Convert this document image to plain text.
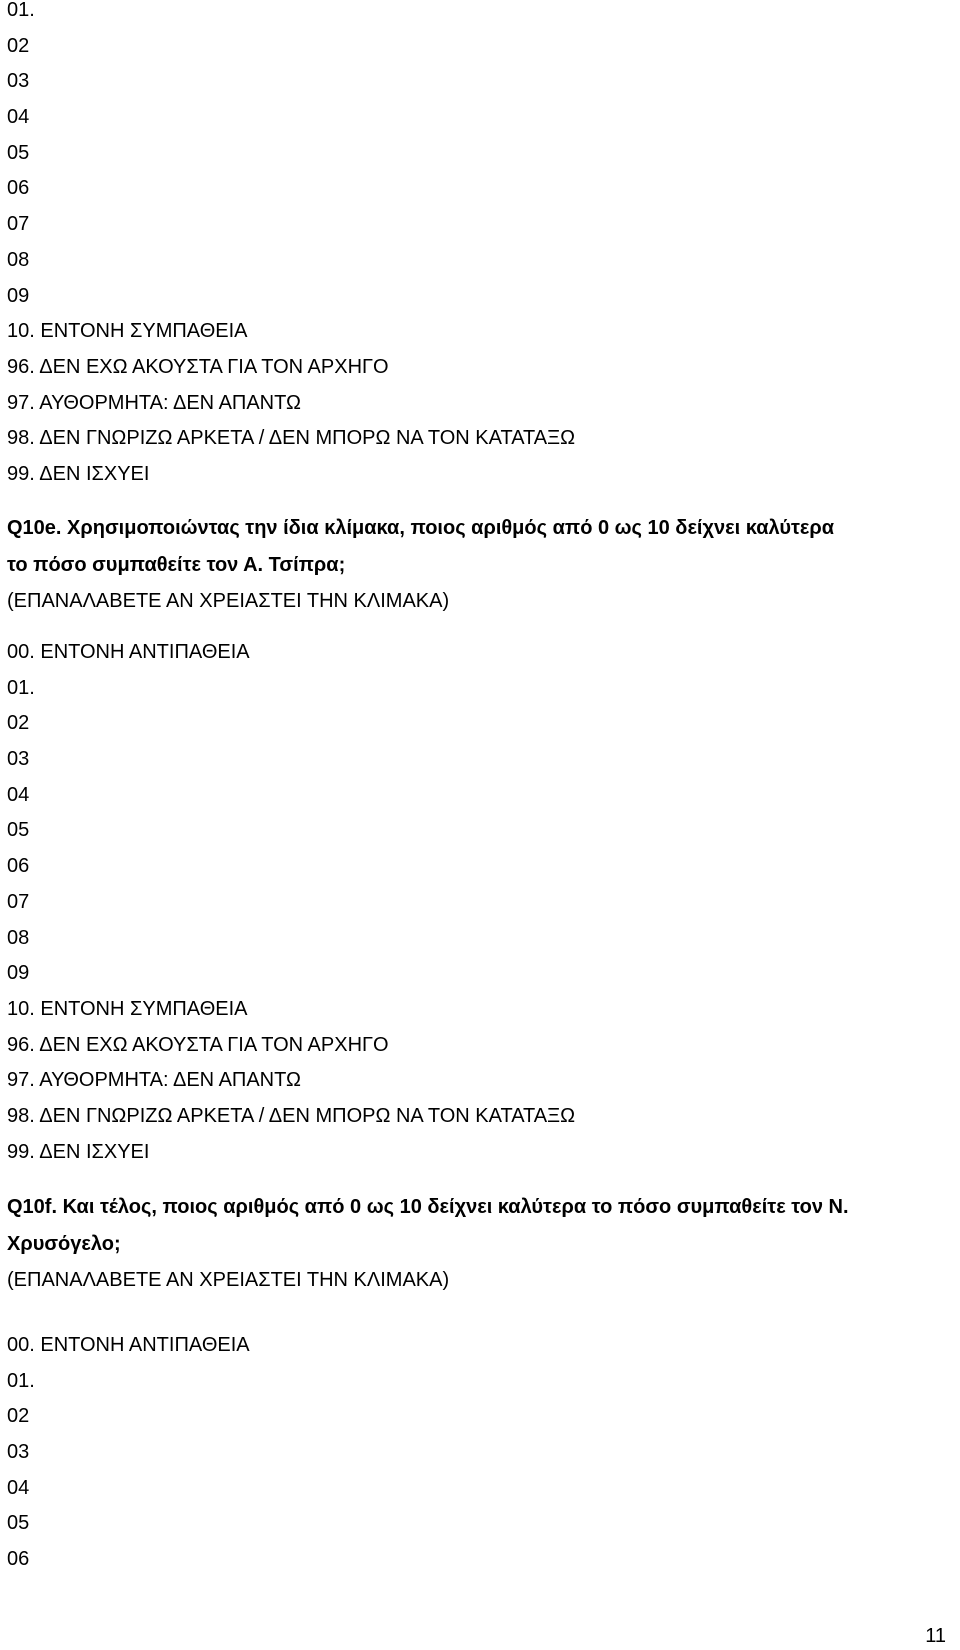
01.
02
03
04
05
06
07
08
09
10. ΕΝΤΟΝΗ ΣΥΜΠΑΘΕΙΑ
96. ΔΕΝ ΕΧΩ ΑΚΟΥΣΤΑ ΓΙΑ ΤΟΝ ΑΡΧΗΓΟ
97. ΑΥΘΟΡΜΗΤΑ: ΔΕΝ ΑΠΑΝΤΩ
98. ΔΕΝ ΓΝΩΡΙΖΩ ΑΡΚΕΤΑ / ΔΕΝ ΜΠΟΡΩ ΝΑ ΤΟΝ ΚΑΤΑΤΑΞΩ
99. ΔΕΝ ΙΣΧΥΕΙ
Q10e. Χρησιμοποιώντας την ίδια κλίμακα, ποιος αριθμός από 0 ως 10 δείχνει καλύτερα
το πόσο συμπαθείτε τον Α. Τσίπρα;
(ΕΠΑΝΑΛΑΒΕΤΕ ΑΝ ΧΡΕΙΑΣΤΕΙ ΤΗΝ ΚΛΙΜΑΚΑ)
00. ΕΝΤΟΝΗ ΑΝΤΙΠΑΘΕΙΑ
01.
02
03
04
05
06
07
08
09
10. ΕΝΤΟΝΗ ΣΥΜΠΑΘΕΙΑ
96. ΔΕΝ ΕΧΩ ΑΚΟΥΣΤΑ ΓΙΑ ΤΟΝ ΑΡΧΗΓΟ
97. ΑΥΘΟΡΜΗΤΑ: ΔΕΝ ΑΠΑΝΤΩ
98. ΔΕΝ ΓΝΩΡΙΖΩ ΑΡΚΕΤΑ / ΔΕΝ ΜΠΟΡΩ ΝΑ ΤΟΝ ΚΑΤΑΤΑΞΩ
99. ΔΕΝ ΙΣΧΥΕΙ
Q10f. Και τέλος, ποιος αριθμός από 0 ως 10 δείχνει καλύτερα το πόσο συμπαθείτε τον Ν.
Χρυσόγελο;
(ΕΠΑΝΑΛΑΒΕΤΕ ΑΝ ΧΡΕΙΑΣΤΕΙ ΤΗΝ ΚΛΙΜΑΚΑ)
00. ΕΝΤΟΝΗ ΑΝΤΙΠΑΘΕΙΑ
01.
02
03
04
05
06
11
